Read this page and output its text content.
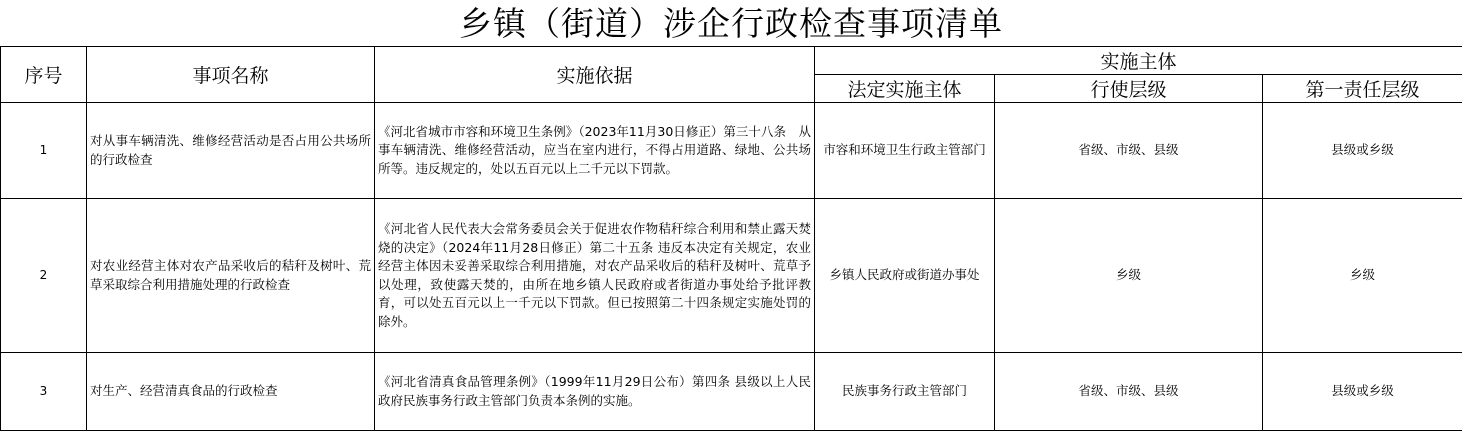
乡镇（街道）涉企行政检查事项清单
序号	事项名称	实施依据	实施主体		
			法定实施主体	行使层级	第一责任层级
1	对从事车辆清洗、维修经营活动是否占用公共场所的行政检查	《河北省城市市容和环境卫生条例》（2023年11月30日修正）第三十八条　从事车辆清洗、维修经营活动，应当在室内进行，不得占用道路、绿地、公共场所等。违反规定的，处以五百元以上二千元以下罚款。	市容和环境卫生行政主管部门	省级、市级、县级	县级或乡级
2	对农业经营主体对农产品采收后的秸秆及树叶、荒草采取综合利用措施处理的行政检查	《河北省人民代表大会常务委员会关于促进农作物秸秆综合利用和禁止露天焚烧的决定》（2024年11月28日修正）第二十五条 违反本决定有关规定，农业经营主体因未妥善采取综合利用措施，对农产品采收后的秸秆及树叶、荒草予以处理，致使露天焚的，由所在地乡镇人民政府或者街道办事处给予批评教育，可以处五百元以上一千元以下罚款。但已按照第二十四条规定实施处罚的除外。	乡镇人民政府或街道办事处	乡级	乡级
3	对生产、经营清真食品的行政检查	《河北省清真食品管理条例》（1999年11月29日公布）第四条 县级以上人民政府民族事务行政主管部门负责本条例的实施。	民族事务行政主管部门	省级、市级、县级	县级或乡级
